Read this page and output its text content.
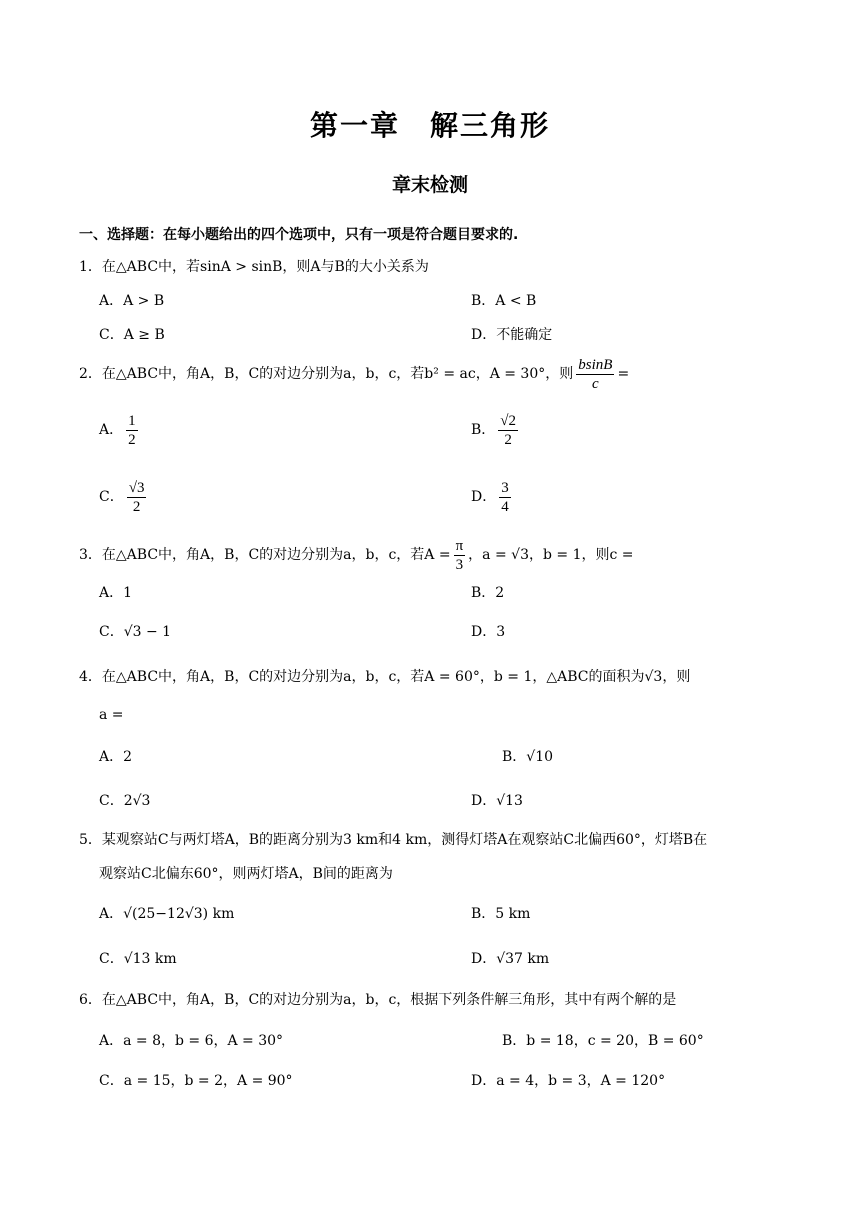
第一章　解三角形
章末检测
一、选择题：在每小题给出的四个选项中，只有一项是符合题目要求的.
1．在△ABC中，若sinA > sinB，则A与B的大小关系为
A．A > B	B．A < B
C．A ≥ B	D．不能确定
2．在△ABC中，角A，B，C的对边分别为a，b，c，若b² = ac，A = 30°，则 $\frac{bsinB}{c}$ =
A． $\frac{1}{2}$	B． $\frac{√2}{2}$
C． $\frac{√3}{2}$	D． $\frac{3}{4}$
3．在△ABC中，角A，B，C的对边分别为a，b，c，若$A = \frac{\pi}{3}$ ，a = √3，b = 1，则c =
A．1	B．2
C．√3 − 1	D．3
4．在△ABC中，角A，B，C的对边分别为a，b，c，若A = 60°，b = 1，△ABC的面积为√3，则
a =
A．2	B．√10
C．2√3	D．√13
5．某观察站C与两灯塔A，B的距离分别为3 km和4 km，测得灯塔A在观察站C北偏西60°，灯塔B在
观察站C北偏东60°，则两灯塔A，B间的距离为
A．√(25−12√3) km	B．5 km
C．√13 km	D．√37 km
6．在△ABC中，角A，B，C的对边分别为a，b，c，根据下列条件解三角形，其中有两个解的是
A．a = 8，b = 6，A = 30°	B．b = 18，c = 20，B = 60°
C．a = 15，b = 2，A = 90°	D．a = 4，b = 3，A = 120°
